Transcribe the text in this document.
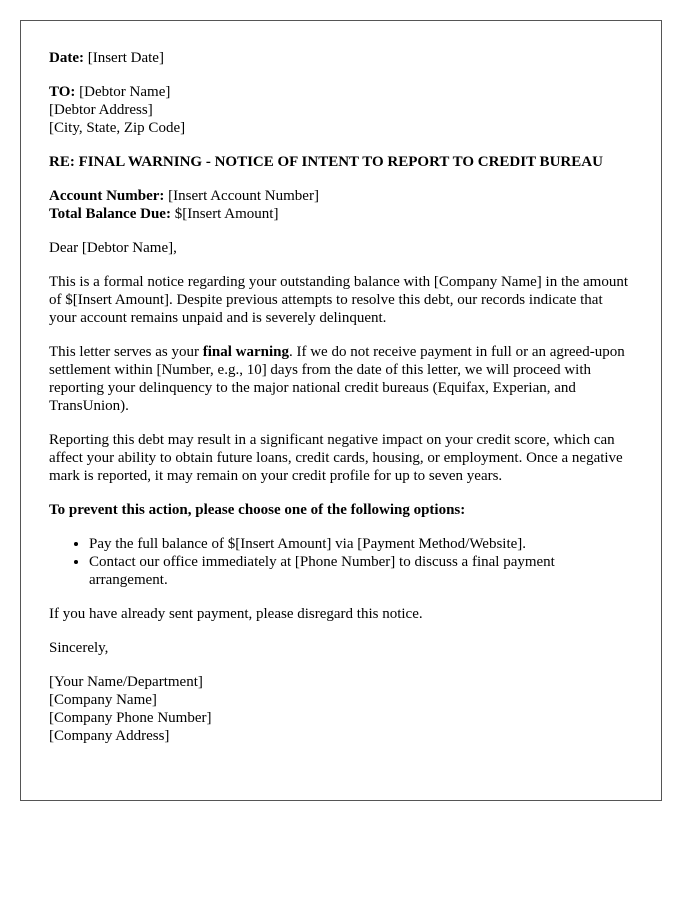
Date: [Insert Date]

TO: [Debtor Name]
[Debtor Address]
[City, State, Zip Code]

RE: FINAL WARNING - NOTICE OF INTENT TO REPORT TO CREDIT BUREAU

Account Number: [Insert Account Number]
Total Balance Due: $[Insert Amount]

Dear [Debtor Name],

This is a formal notice regarding your outstanding balance with [Company Name] in the amount of $[Insert Amount]. Despite previous attempts to resolve this debt, our records indicate that your account remains unpaid and is severely delinquent.

This letter serves as your final warning. If we do not receive payment in full or an agreed-upon settlement within [Number, e.g., 10] days from the date of this letter, we will proceed with reporting your delinquency to the major national credit bureaus (Equifax, Experian, and TransUnion).

Reporting this debt may result in a significant negative impact on your credit score, which can affect your ability to obtain future loans, credit cards, housing, or employment. Once a negative mark is reported, it may remain on your credit profile for up to seven years.

To prevent this action, please choose one of the following options:

• Pay the full balance of $[Insert Amount] via [Payment Method/Website].
• Contact our office immediately at [Phone Number] to discuss a final payment arrangement.

If you have already sent payment, please disregard this notice.

Sincerely,

[Your Name/Department]
[Company Name]
[Company Phone Number]
[Company Address]
